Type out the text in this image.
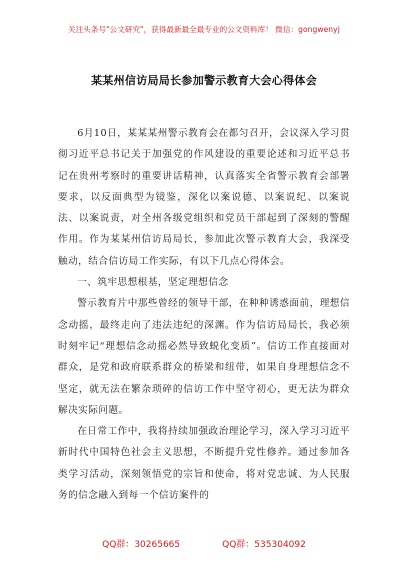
关注头条号"公文研究"，获得最新最全最专业的公文资料库！ 微信：gongwenyj
某某州信访局局长参加警示教育大会心得体会

6月10日，某某某州警示教育会在都匀召开，会议深入学习贯彻习近平总书记关于加强党的作风建设的重要论述和习近平总书记在贵州考察时的重要讲话精神，认真落实全省警示教育会部署要求，以反面典型为镜鉴，深化以案说德、以案说纪、以案说法、以案说责，对全州各级党组织和党员干部起到了深刻的警醒作用。作为某某州信访局局长，参加此次警示教育大会，我深受触动，结合信访局工作实际，有以下几点心得体会。

一、筑牢思想根基，坚定理想信念

警示教育片中那些曾经的领导干部，在种种诱惑面前，理想信念动摇，最终走向了违法违纪的深渊。作为信访局局长，我必须时刻牢记“理想信念动摇必然导致蜕化变质”。信访工作直接面对群众，是党和政府联系群众的桥梁和纽带，如果自身理想信念不坚定，就无法在繁杂琐碎的信访工作中坚守初心，更无法为群众解决实际问题。

在日常工作中，我将持续加强政治理论学习，深入学习习近平新时代中国特色社会主义思想，不断提升党性修养。通过参加各类学习活动，深刻领悟党的宗旨和使命，将对党忠诚、为人民服务的信念融入到每一个信访案件的

QQ群：30265665	QQ群：535304092
